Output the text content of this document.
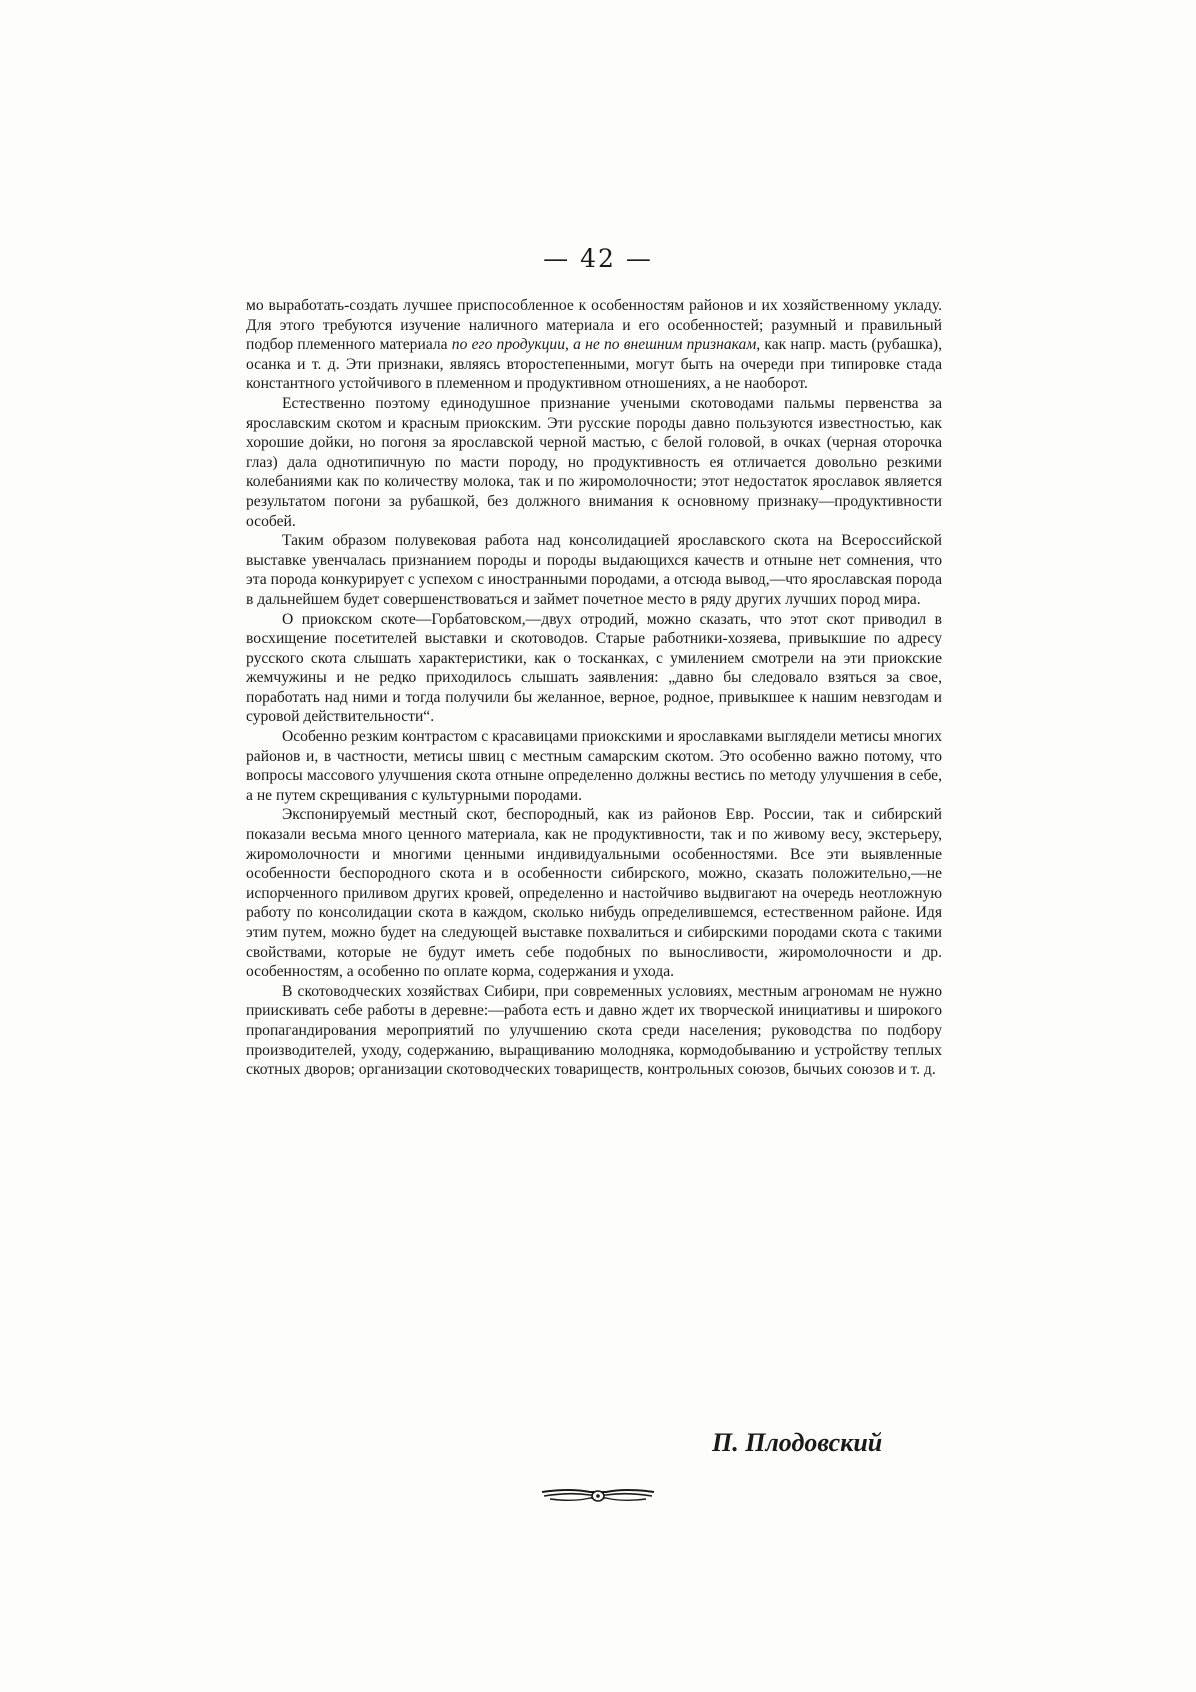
— 42 —

мо выработать-создать лучшее приспособленное к особенностям районов и их хозяйственному укладу. Для этого требуются изучение наличного материала и его особенностей; разумный и правильный подбор племенного материала по его продукции, а не по внешним признакам, как напр. масть (рубашка), осанка и т. д. Эти признаки, являясь второстепенными, могут быть на очереди при типировке стада константного устойчивого в племенном и продуктивном отношениях, а не наоборот.

Естественно поэтому единодушное признание учеными скотоводами пальмы первенства за ярославским скотом и красным приокским. Эти русские породы давно пользуются известностью, как хорошие дойки, но погоня за ярославской черной мастью, с белой головой, в очках (черная оторочка глаз) дала однотипичную по масти породу, но продуктивность ея отличается довольно резкими колебаниями как по количеству молока, так и по жиромолочности; этот недостаток ярославок является результатом погони за рубашкой, без должного внимания к основному признаку—продуктивности особей.

Таким образом полувековая работа над консолидацией ярославского скота на Всероссийской выставке увенчалась признанием породы и породы выдающихся качеств и отныне нет сомнения, что эта порода конкурирует с успехом с иностранными породами, а отсюда вывод,—что ярославская порода в дальнейшем будет совершенствоваться и займет почетное место в ряду других лучших пород мира.

О приокском скоте—Горбатовском,—двух отродий, можно сказать, что этот скот приводил в восхищение посетителей выставки и скотоводов. Старые работники-хозяева, привыкшие по адресу русского скота слышать характеристики, как о тосканках, с умилением смотрели на эти приокские жемчужины и не редко приходилось слышать заявления: „давно бы следовало взяться за свое, поработать над ними и тогда получили бы желанное, верное, родное, привыкшее к нашим невзгодам и суровой действительности“.

Особенно резким контрастом с красавицами приокскими и ярославками выглядели метисы многих районов и, в частности, метисы швиц с местным самарским скотом. Это особенно важно потому, что вопросы массового улучшения скота отныне определенно должны вестись по методу улучшения в себе, а не путем скрещивания с культурными породами.

Экспонируемый местный скот, беспородный, как из районов Евр. России, так и сибирский показали весьма много ценного материала, как не продуктивности, так и по живому весу, экстерьеру, жиромолочности и многими ценными индивидуальными особенностями. Все эти выявленные особенности беспородного скота и в особенности сибирского, можно, сказать положительно,—не испорченного приливом других кровей, определенно и настойчиво выдвигают на очередь неотложную работу по консолидации скота в каждом, сколько нибудь определившемся, естественном районе. Идя этим путем, можно будет на следующей выставке похвалиться и сибирскими породами скота с такими свойствами, которые не будут иметь себе подобных по выносливости, жиромолочности и др. особенностям, а особенно по оплате корма, содержания и ухода.

В скотоводческих хозяйствах Сибири, при современных условиях, местным агрономам не нужно приискивать себе работы в деревне:—работа есть и давно ждет их творческой инициативы и широкого пропагандирования мероприятий по улучшению скота среди населения; руководства по подбору производителей, уходу, содержанию, выращиванию молодняка, кормодобыванию и устройству теплых скотных дворов; организации скотоводческих товариществ, контрольных союзов, бычьих союзов и т. д.

П. Плодовский
